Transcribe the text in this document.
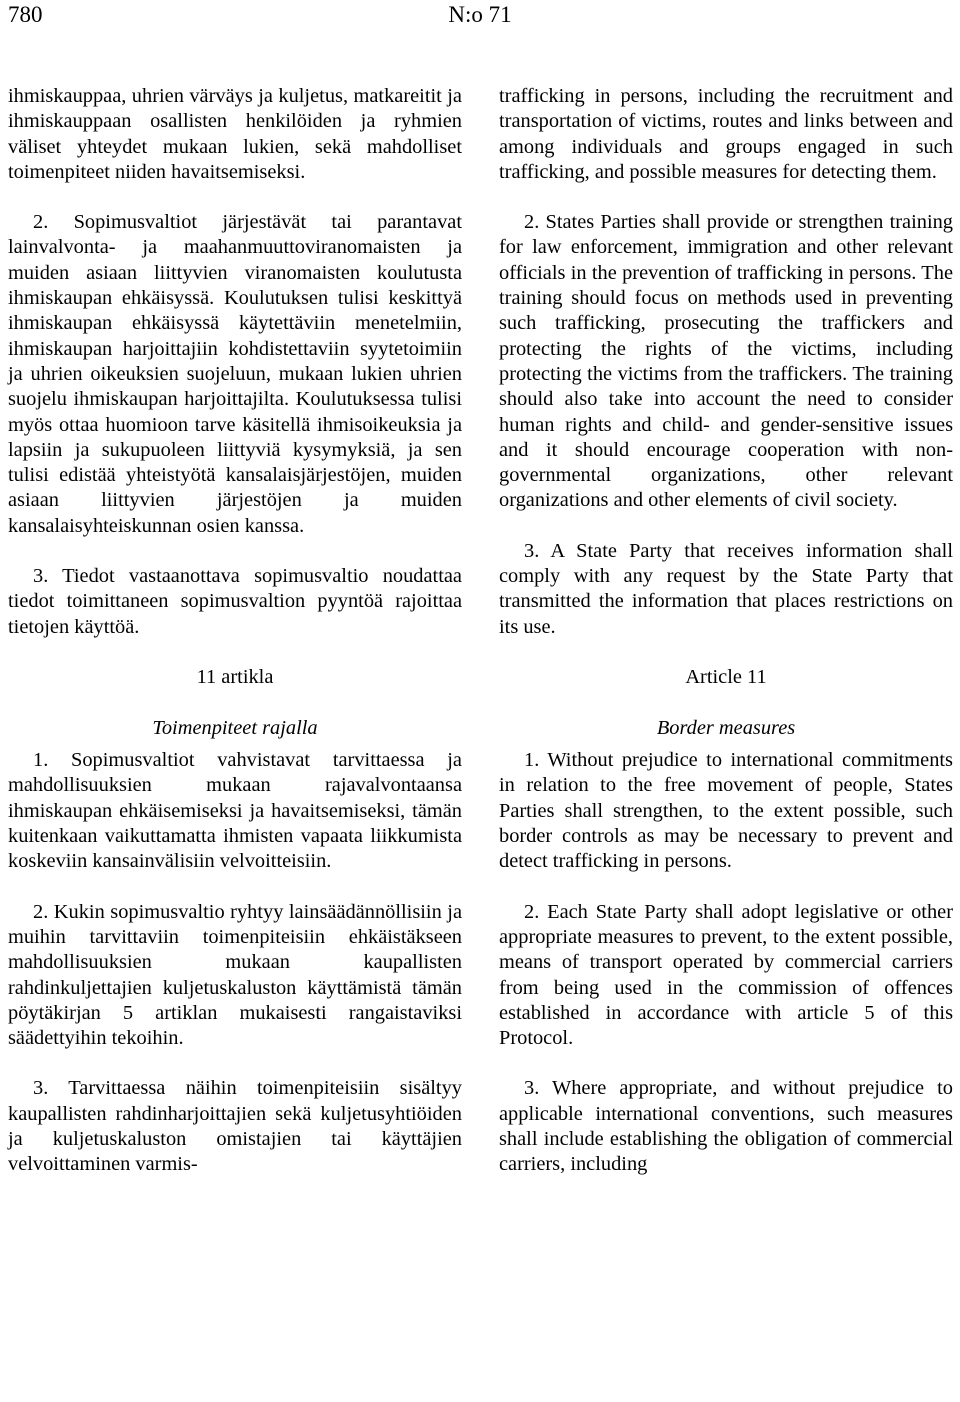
780	N:o 71

ihmiskauppaa, uhrien värväys ja kuljetus, matkareitit ja ihmiskauppaan osallisten henkilöiden ja ryhmien väliset yhteydet mukaan lukien, sekä mahdolliset toimenpiteet niiden havaitsemiseksi.

2. Sopimusvaltiot järjestävät tai parantavat lainvalvonta- ja maahanmuuttoviranomaisten ja muiden asiaan liittyvien viranomaisten koulutusta ihmiskaupan ehkäisyssä. Koulutuksen tulisi keskittyä ihmiskaupan ehkäisyssä käytettäviin menetelmiin, ihmiskaupan harjoittajiin kohdistettaviin syytetoimiin ja uhrien oikeuksien suojeluun, mukaan lukien uhrien suojelu ihmiskaupan harjoittajilta. Koulutuksessa tulisi myös ottaa huomioon tarve käsitellä ihmisoikeuksia ja lapsiin ja sukupuoleen liittyviä kysymyksiä, ja sen tulisi edistää yhteistyötä kansalaisjärjestöjen, muiden asiaan liittyvien järjestöjen ja muiden kansalaisyhteiskunnan osien kanssa.

3. Tiedot vastaanottava sopimusvaltio noudattaa tiedot toimittaneen sopimusvaltion pyyntöä rajoittaa tietojen käyttöä.

11 artikla

Toimenpiteet rajalla

1. Sopimusvaltiot vahvistavat tarvittaessa ja mahdollisuuksien mukaan rajavalvontaansa ihmiskaupan ehkäisemiseksi ja havaitsemiseksi, tämän kuitenkaan vaikuttamatta ihmisten vapaata liikkumista koskeviin kansainvälisiin velvoitteisiin.

2. Kukin sopimusvaltio ryhtyy lainsäädännöllisiin ja muihin tarvittaviin toimenpiteisiin ehkäistäkseen mahdollisuuksien mukaan kaupallisten rahdinkuljettajien kuljetuskaluston käyttämistä tämän pöytäkirjan 5 artiklan mukaisesti rangaistaviksi säädettyihin tekoihin.

3. Tarvittaessa näihin toimenpiteisiin sisältyy kaupallisten rahdinharjoittajien sekä kuljetusyhtiöiden ja kuljetuskaluston omistajien tai käyttäjien velvoittaminen varmis-

trafficking in persons, including the recruitment and transportation of victims, routes and links between and among individuals and groups engaged in such trafficking, and possible measures for detecting them.

2. States Parties shall provide or strengthen training for law enforcement, immigration and other relevant officials in the prevention of trafficking in persons. The training should focus on methods used in preventing such trafficking, prosecuting the traffickers and protecting the rights of the victims, including protecting the victims from the traffickers. The training should also take into account the need to consider human rights and child- and gender-sensitive issues and it should encourage cooperation with non-governmental organizations, other relevant organizations and other elements of civil society.

3. A State Party that receives information shall comply with any request by the State Party that transmitted the information that places restrictions on its use.

Article 11

Border measures

1. Without prejudice to international commitments in relation to the free movement of people, States Parties shall strengthen, to the extent possible, such border controls as may be necessary to prevent and detect trafficking in persons.

2. Each State Party shall adopt legislative or other appropriate measures to prevent, to the extent possible, means of transport operated by commercial carriers from being used in the commission of offences established in accordance with article 5 of this Protocol.

3. Where appropriate, and without prejudice to applicable international conventions, such measures shall include establishing the obligation of commercial carriers, including
